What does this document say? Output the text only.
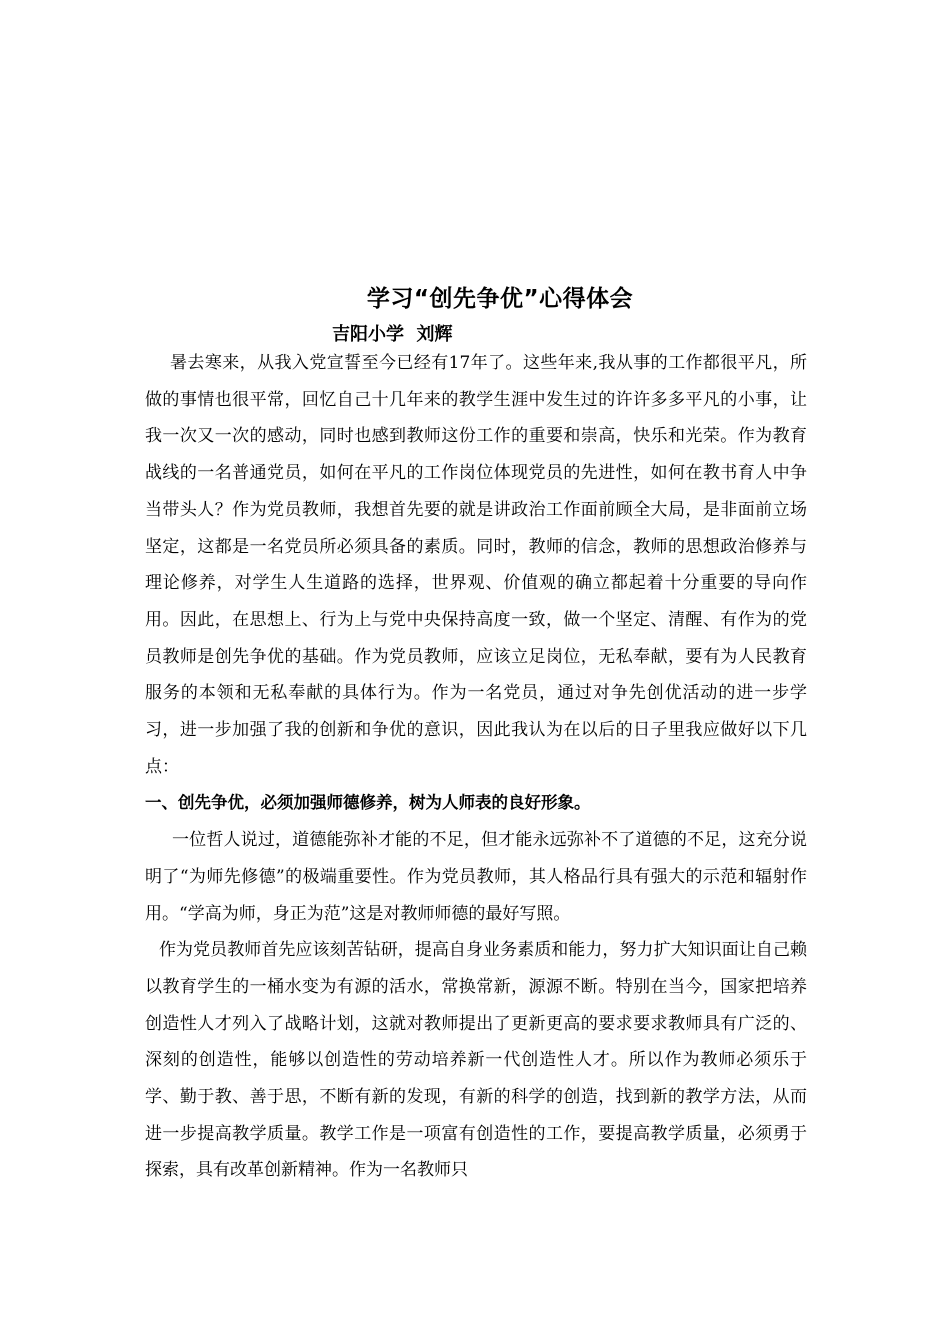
学习“创先争优”心得体会
吉阳小学  刘辉

暑去寒来，从我入党宣誓至今已经有17年了。这些年来,我从事的工作都很平凡，所做的事情也很平常，回忆自己十几年来的教学生涯中发生过的许许多多平凡的小事，让我一次又一次的感动，同时也感到教师这份工作的重要和崇高，快乐和光荣。作为教育战线的一名普通党员，如何在平凡的工作岗位体现党员的先进性，如何在教书育人中争当带头人？作为党员教师，我想首先要的就是讲政治工作面前顾全大局，是非面前立场坚定，这都是一名党员所必须具备的素质。同时，教师的信念，教师的思想政治修养与理论修养，对学生人生道路的选择，世界观、价值观的确立都起着十分重要的导向作用。因此，在思想上、行为上与党中央保持高度一致，做一个坚定、清醒、有作为的党员教师是创先争优的基础。作为党员教师，应该立足岗位，无私奉献，要有为人民教育服务的本领和无私奉献的具体行为。作为一名党员，通过对争先创优活动的进一步学习，进一步加强了我的创新和争优的意识，因此我认为在以后的日子里我应做好以下几点：

一、创先争优，必须加强师德修养，树为人师表的良好形象。

一位哲人说过，道德能弥补才能的不足，但才能永远弥补不了道德的不足，这充分说明了“为师先修德”的极端重要性。作为党员教师，其人格品行具有强大的示范和辐射作用。“学高为师，身正为范”这是对教师师德的最好写照。

作为党员教师首先应该刻苦钻研，提高自身业务素质和能力，努力扩大知识面让自己赖以教育学生的一桶水变为有源的活水，常换常新，源源不断。特别在当今，国家把培养创造性人才列入了战略计划，这就对教师提出了更新更高的要求要求教师具有广泛的、深刻的创造性，能够以创造性的劳动培养新一代创造性人才。所以作为教师必须乐于学、勤于教、善于思，不断有新的发现，有新的科学的创造，找到新的教学方法，从而进一步提高教学质量。教学工作是一项富有创造性的工作，要提高教学质量，必须勇于探索，具有改革创新精神。作为一名教师只
